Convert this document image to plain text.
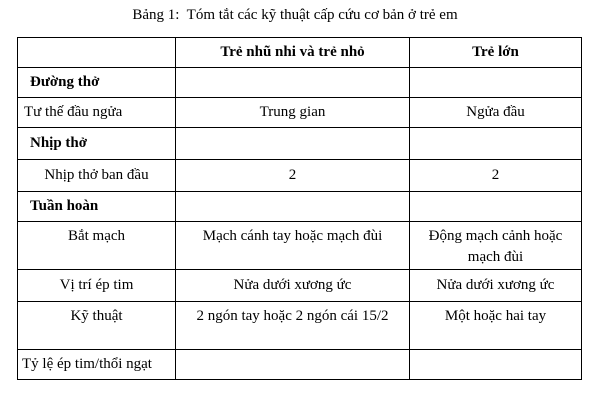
Bảng 1:  Tóm tắt các kỹ thuật cấp cứu cơ bản ở trẻ em
	Trẻ nhũ nhi và trẻ nhỏ	Trẻ lớn
Đường thở		
Tư thế đầu ngửa	Trung gian	Ngửa đầu
Nhịp thở		
Nhịp thở ban đầu	2	2
Tuần hoàn		
Bắt mạch	Mạch cánh tay hoặc mạch đùi	Động mạch cảnh hoặc mạch đùi
Vị trí ép tim	Nửa dưới xương ức	Nửa dưới xương ức
Kỹ thuật	2 ngón tay hoặc 2 ngón cái 15/2	Một hoặc hai tay
Tỷ lệ ép tim/thổi ngạt		
